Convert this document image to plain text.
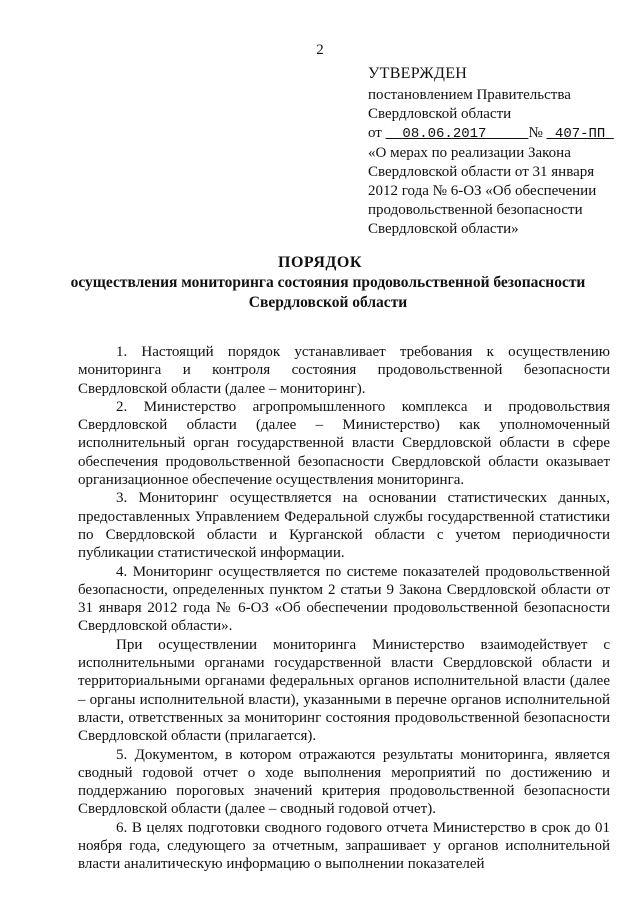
2
УТВЕРЖДЕН
постановлением Правительства
Свердловской области
от 08.06.2017	№ 407-ПП
«О мерах по реализации Закона
Свердловской области от 31 января
2012 года № 6-ОЗ «Об обеспечении
продовольственной безопасности
Свердловской области»
ПОРЯДОК
осуществления мониторинга состояния продовольственной безопасности
Свердловской области

1. Настоящий порядок устанавливает требования к осуществлению мониторинга и контроля состояния продовольственной безопасности Свердловской области (далее – мониторинг).

2. Министерство агропромышленного комплекса и продовольствия Свердловской области (далее – Министерство) как уполномоченный исполнительный орган государственной власти Свердловской области в сфере обеспечения продовольственной безопасности Свердловской области оказывает организационное обеспечение осуществления мониторинга.

3. Мониторинг осуществляется на основании статистических данных, предоставленных Управлением Федеральной службы государственной статистики по Свердловской области и Курганской области с учетом периодичности публикации статистической информации.

4. Мониторинг осуществляется по системе показателей продовольственной безопасности, определенных пунктом 2 статьи 9 Закона Свердловской области от 31 января 2012 года № 6-ОЗ «Об обеспечении продовольственной безопасности Свердловской области».

При осуществлении мониторинга Министерство взаимодействует с исполнительными органами государственной власти Свердловской области и территориальными органами федеральных органов исполнительной власти (далее – органы исполнительной власти), указанными в перечне органов исполнительной власти, ответственных за мониторинг состояния продовольственной безопасности Свердловской области (прилагается).

5. Документом, в котором отражаются результаты мониторинга, является сводный годовой отчет о ходе выполнения мероприятий по достижению и поддержанию пороговых значений критерия продовольственной безопасности Свердловской области (далее – сводный годовой отчет).

6. В целях подготовки сводного годового отчета Министерство в срок до 01 ноября года, следующего за отчетным, запрашивает у органов исполнительной власти аналитическую информацию о выполнении показателей
